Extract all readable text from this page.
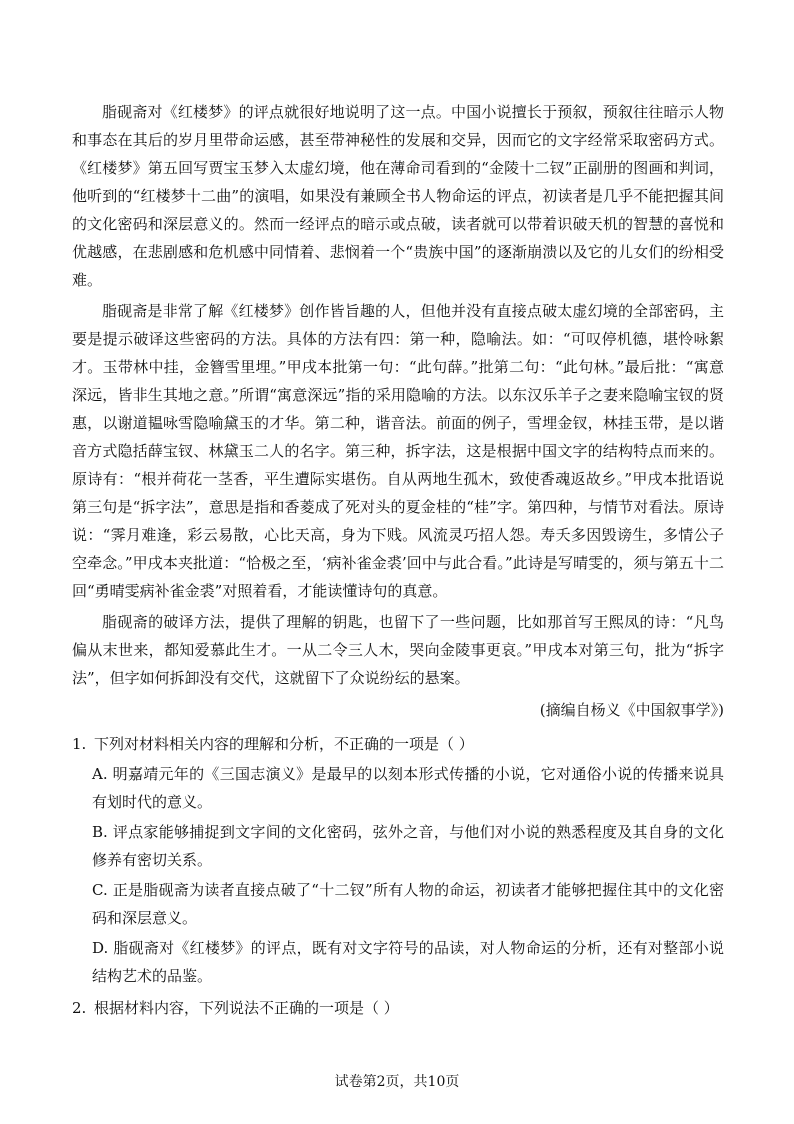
脂砚斋对《红楼梦》的评点就很好地说明了这一点。中国小说擅长于预叙，预叙往往暗示人物和事态在其后的岁月里带命运感，甚至带神秘性的发展和交异，因而它的文字经常采取密码方式。《红楼梦》第五回写贾宝玉梦入太虚幻境，他在薄命司看到的“金陵十二钗”正副册的图画和判词，他听到的“红楼梦十二曲”的演唱，如果没有兼顾全书人物命运的评点，初读者是几乎不能把握其间的文化密码和深层意义的。然而一经评点的暗示或点破，读者就可以带着识破天机的智慧的喜悦和优越感，在悲剧感和危机感中同情着、悲悯着一个“贵族中国”的逐渐崩溃以及它的儿女们的纷相受难。

脂砚斋是非常了解《红楼梦》创作皆旨趣的人，但他并没有直接点破太虚幻境的全部密码，主要是提示破译这些密码的方法。具体的方法有四：第一种，隐喻法。如：“可叹停机德，堪怜咏絮才。玉带林中挂，金簪雪里埋。”甲戌本批第一句：“此句薛。”批第二句：“此句林。”最后批：“寓意深远，皆非生其地之意。”所谓“寓意深远”指的采用隐喻的方法。以东汉乐羊子之妻来隐喻宝钗的贤惠，以谢道韫咏雪隐喻黛玉的才华。第二种，谐音法。前面的例子，雪埋金钗，林挂玉带，是以谐音方式隐括薛宝钗、林黛玉二人的名字。第三种，拆字法，这是根据中国文字的结构特点而来的。原诗有：“根并荷花一茎香，平生遭际实堪伤。自从两地生孤木，致使香魂返故乡。”甲戌本批语说第三句是“拆字法”，意思是指和香菱成了死对头的夏金桂的“桂”字。第四种，与情节对看法。原诗说：“霁月难逢，彩云易散，心比天高，身为下贱。风流灵巧招人怨。寿夭多因毁谤生，多情公子空牵念。”甲戌本夹批道：“恰极之至，‘病补雀金裘’回中与此合看。”此诗是写晴雯的，须与第五十二回“勇晴雯病补雀金裘”对照着看，才能读懂诗句的真意。

脂砚斋的破译方法，提供了理解的钥匙，也留下了一些问题，比如那首写王熙凤的诗：“凡鸟偏从末世来，都知爱慕此生才。一从二令三人木，哭向金陵事更哀。”甲戌本对第三句，批为“拆字法”，但字如何拆卸没有交代，这就留下了众说纷纭的悬案。

(摘编自杨义《中国叙事学》)
1. 下列对材料相关内容的理解和分析，不正确的一项是（ ）
A. 明嘉靖元年的《三国志演义》是最早的以刻本形式传播的小说，它对通俗小说的传播来说具有划时代的意义。
B. 评点家能够捕捉到文字间的文化密码，弦外之音，与他们对小说的熟悉程度及其自身的文化修养有密切关系。
C. 正是脂砚斋为读者直接点破了“十二钗”所有人物的命运，初读者才能够把握住其中的文化密码和深层意义。
D. 脂砚斋对《红楼梦》的评点，既有对文字符号的品读，对人物命运的分析，还有对整部小说结构艺术的品鉴。
2. 根据材料内容，下列说法不正确的一项是（ ）
试卷第2页，共10页
